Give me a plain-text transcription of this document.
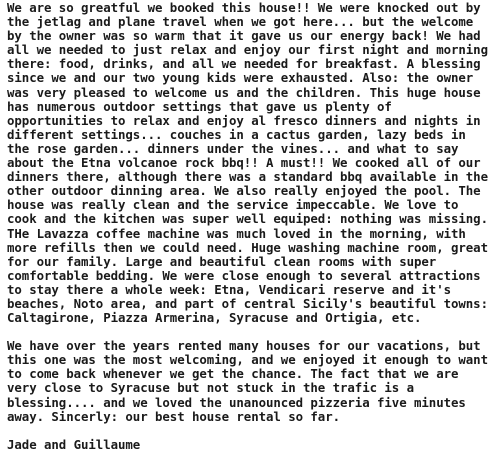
We are so greatful we booked this house!! We were knocked out by the jetlag and plane travel when we got here... but the welcome by the owner was so warm that it gave us our energy back! We had all we needed to just relax and enjoy our first night and morning there: food, drinks, and all we needed for breakfast. A blessing since we and our two young kids were exhausted. Also: the owner was very pleased to welcome us and the children. This huge house has numerous outdoor settings that gave us plenty of opportunities to relax and enjoy al fresco dinners and nights in different settings... couches in a cactus garden, lazy beds in the rose garden... dinners under the vines... and what to say about the Etna volcanoe rock bbq!! A must!! We cooked all of our dinners there, although there was a standard bbq available in the other outdoor dinning area. We also really enjoyed the pool. The house was really clean and the service impeccable. We love to cook and the kitchen was super well equiped: nothing was missing. THe Lavazza coffee machine was much loved in the morning, with more refills then we could need. Huge washing machine room, great for our family. Large and beautiful clean rooms with super comfortable bedding. We were close enough to several attractions to stay there a whole week: Etna, Vendicari reserve and it's beaches, Noto area, and part of central Sicily's beautiful towns: Caltagirone, Piazza Armerina, Syracuse and Ortigia, etc.

We have over the years rented many houses for our vacations, but this one was the most welcoming, and we enjoyed it enough to want to come back whenever we get the chance. The fact that we are very close to Syracuse but not stuck in the trafic is a blessing.... and we loved the unanounced pizzeria five minutes away. Sincerly: our best house rental so far.

Jade and Guillaume
